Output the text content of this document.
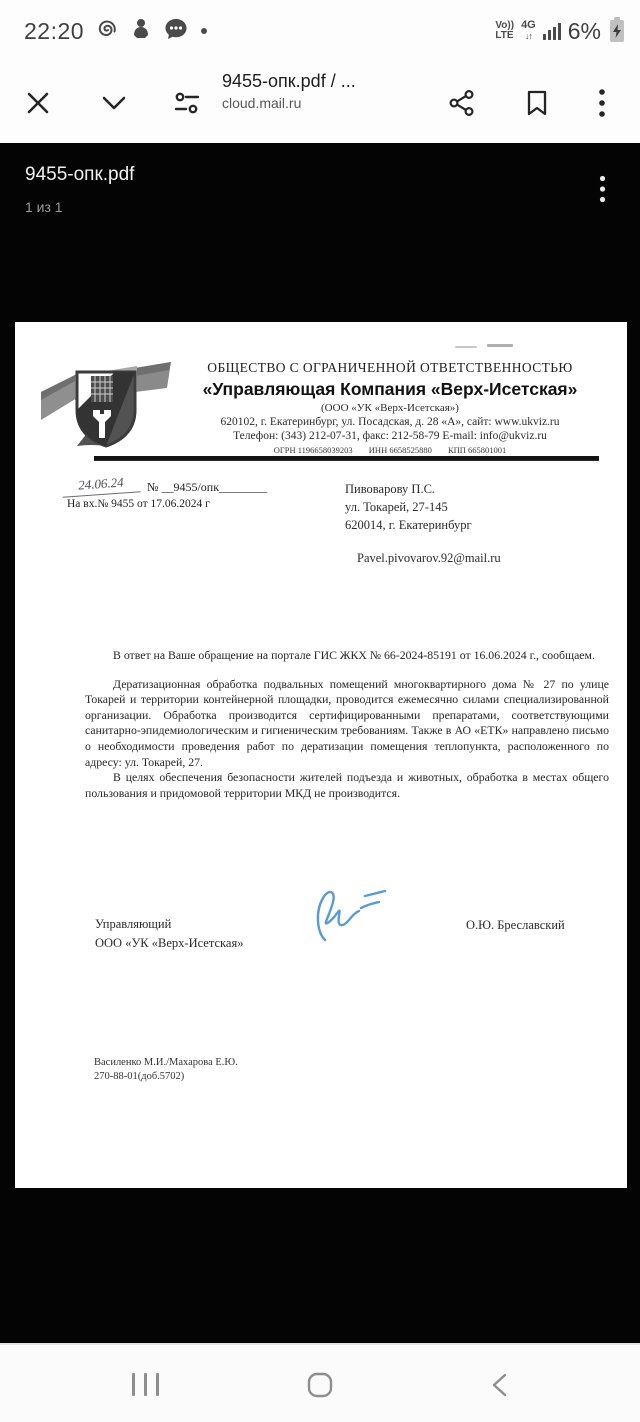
22:20	Vo))
LTE
4G
↓↑ 6%
9455-опк.pdf / ...
cloud.mail.ru
9455-опк.pdf
1 из 1
ОБЩЕСТВО С ОГРАНИЧЕННОЙ ОТВЕТСТВЕННОСТЬЮ
«Управляющая Компания «Верх-Исетская»
(ООО «УК «Верх-Исетская»)
620102, г. Екатеринбург, ул. Посадская, д. 28 «А», сайт: www.ukviz.ru
Телефон: (343) 212-07-31, факс: 212-58-79 E-mail: info@ukviz.ru
ОГРН 1196658039203 ИНН 6658525880 КПП 665801001
24.06.24	№ __9455/опк________
На вх.№ 9455 от 17.06.2024 г
Пивоварову П.С.
ул. Токарей, 27-145
620014, г. Екатеринбург
Pavel.pivovarov.92@mail.ru

В ответ на Ваше обращение на портале ГИС ЖКХ № 66-2024-85191 от 16.06.2024 г., сообщаем.

Дератизационная обработка подвальных помещений многоквартирного дома № 27 по улице Токарей и территории контейнерной площадки, проводится ежемесячно силами специализированной организации. Обработка производится сертифицированными препаратами, соответствующими санитарно-эпидемиологическим и гигиеническим требованиям. Также в АО «ЕТК» направлено письмо о необходимости проведения работ по дератизации помещения теплопункта, расположенного по адресу: ул. Токарей, 27.

В целях обеспечения безопасности жителей подъезда и животных, обработка в местах общего пользования и придомовой территории МКД не производится.

Управляющий
ООО «УК «Верх-Исетская»
О.Ю. Бреславский
Василенко М.И./Махарова Е.Ю.
270-88-01(доб.5702)
